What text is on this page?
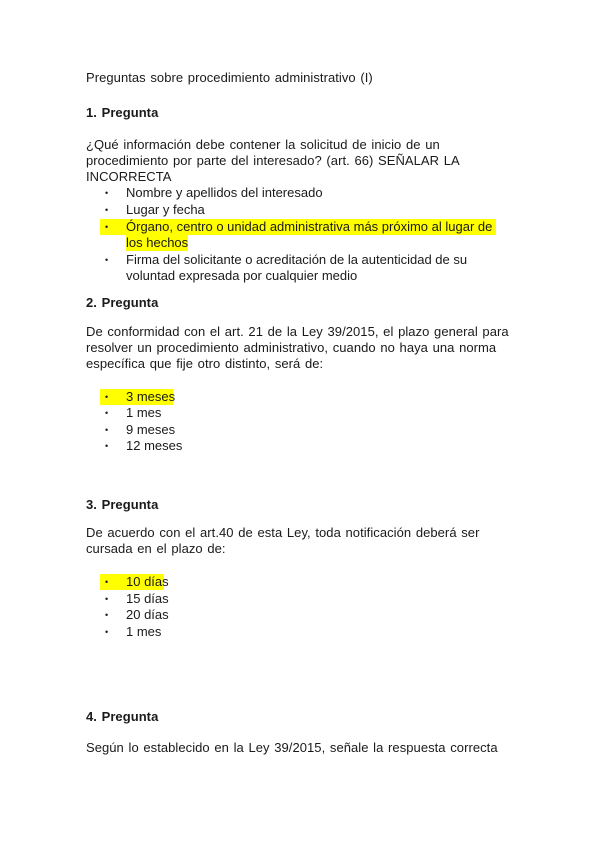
Preguntas sobre procedimiento administrativo (I)
1. Pregunta
¿Qué información debe contener la solicitud de inicio de un
procedimiento por parte del interesado? (art. 66) SEÑALAR LA
INCORRECTA
•	Nombre y apellidos del interesado
•	Lugar y fecha
•	Órgano, centro o unidad administrativa más próximo al lugar de
los hechos
•	Firma del solicitante o acreditación de la autenticidad de su
voluntad expresada por cualquier medio
2. Pregunta
De conformidad con el art. 21 de la Ley 39/2015, el plazo general para
resolver un procedimiento administrativo, cuando no haya una norma
específica que fije otro distinto, será de:
•	3 meses
•	1 mes
•	9 meses
•	12 meses
3. Pregunta
De acuerdo con el art.40 de esta Ley, toda notificación deberá ser
cursada en el plazo de:
•	10 días
•	15 días
•	20 días
•	1 mes
4. Pregunta
Según lo establecido en la Ley 39/2015, señale la respuesta correcta
